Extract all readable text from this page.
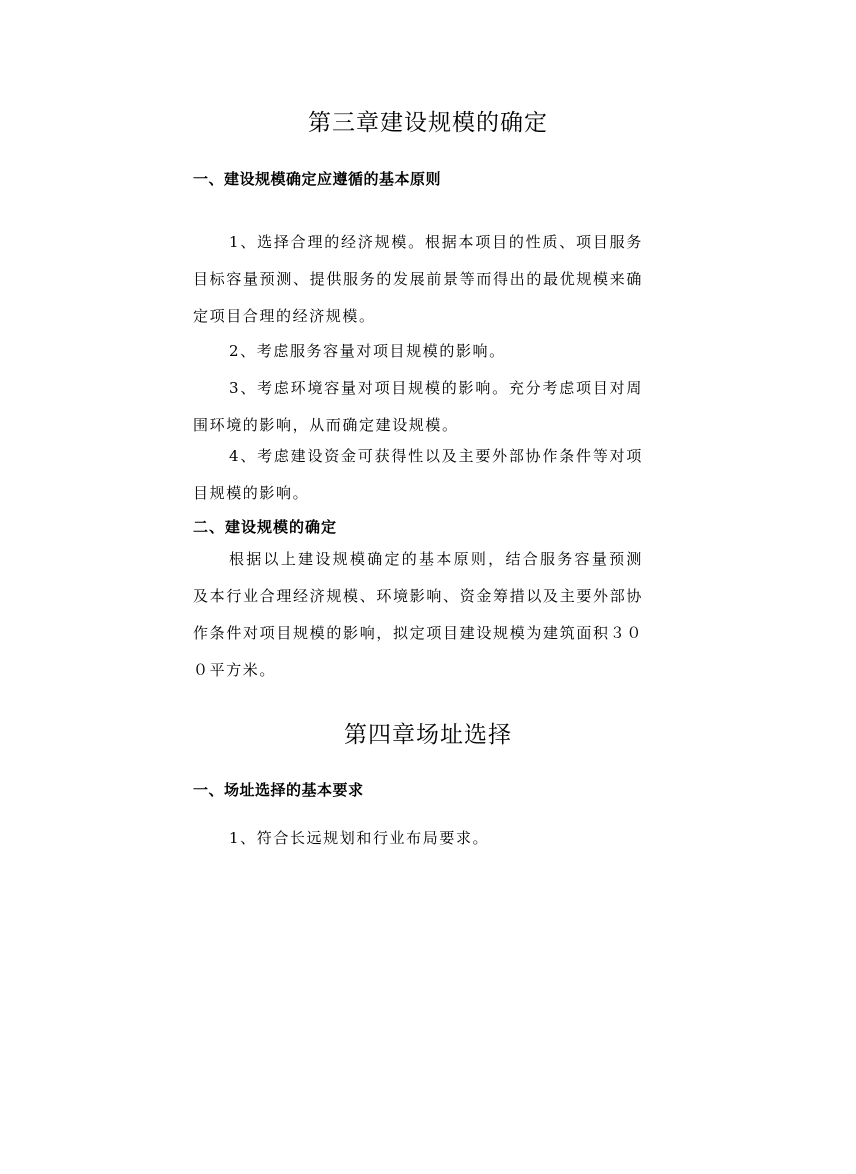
第三章建设规模的确定
一、建设规模确定应遵循的基本原则

1、选择合理的经济规模。根据本项目的性质、项目服务目标容量预测、提供服务的发展前景等而得出的最优规模来确定项目合理的经济规模。

2、考虑服务容量对项目规模的影响。

3、考虑环境容量对项目规模的影响。充分考虑项目对周围环境的影响，从而确定建设规模。

4、考虑建设资金可获得性以及主要外部协作条件等对项目规模的影响。

二、建设规模的确定

根据以上建设规模确定的基本原则，结合服务容量预测及本行业合理经济规模、环境影响、资金筹措以及主要外部协作条件对项目规模的影响，拟定项目建设规模为建筑面积３００平方米。

第四章场址选择
一、场址选择的基本要求

1、符合长远规划和行业布局要求。
